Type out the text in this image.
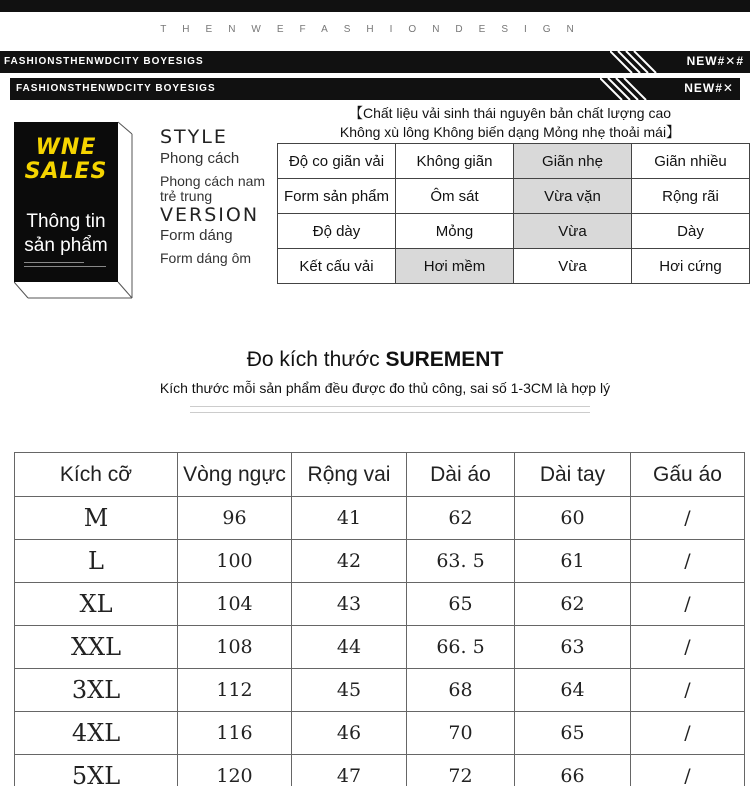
THENWEFASHIONDESIGN
FASHIONSTHENWDCITY BOYESIGS	NEW#✕#
FASHIONSTHENWDCITY BOYESIGS	NEW#✕
【Chất liệu vải sinh thái nguyên bản chất lượng cao
Không xù lông Không biến dạng Mỏng nhẹ thoải mái】
WNE
SALES
Thông tin
sản phẩm
STYLE
Phong cách
Phong cách nam
trẻ trung
VERSION
Form dáng
Form dáng ôm
Độ co giãn vải	Không giãn	Giãn nhẹ	Giãn nhiều
Form sản phẩm	Ôm sát	Vừa vặn	Rộng rãi
Độ dày	Mỏng	Vừa	Dày
Kết cấu vải	Hơi mềm	Vừa	Hơi cứng
Đo kích thước SUREMENT
Kích thước mỗi sản phẩm đều được đo thủ công, sai số 1-3CM là hợp lý
Kích cỡ	Vòng ngực	Rộng vai	Dài áo	Dài tay	Gấu áo
M	96	41	62	60	/
L	100	42	63. 5	61	/
XL	104	43	65	62	/
XXL	108	44	66. 5	63	/
3XL	112	45	68	64	/
4XL	116	46	70	65	/
5XL	120	47	72	66	/
